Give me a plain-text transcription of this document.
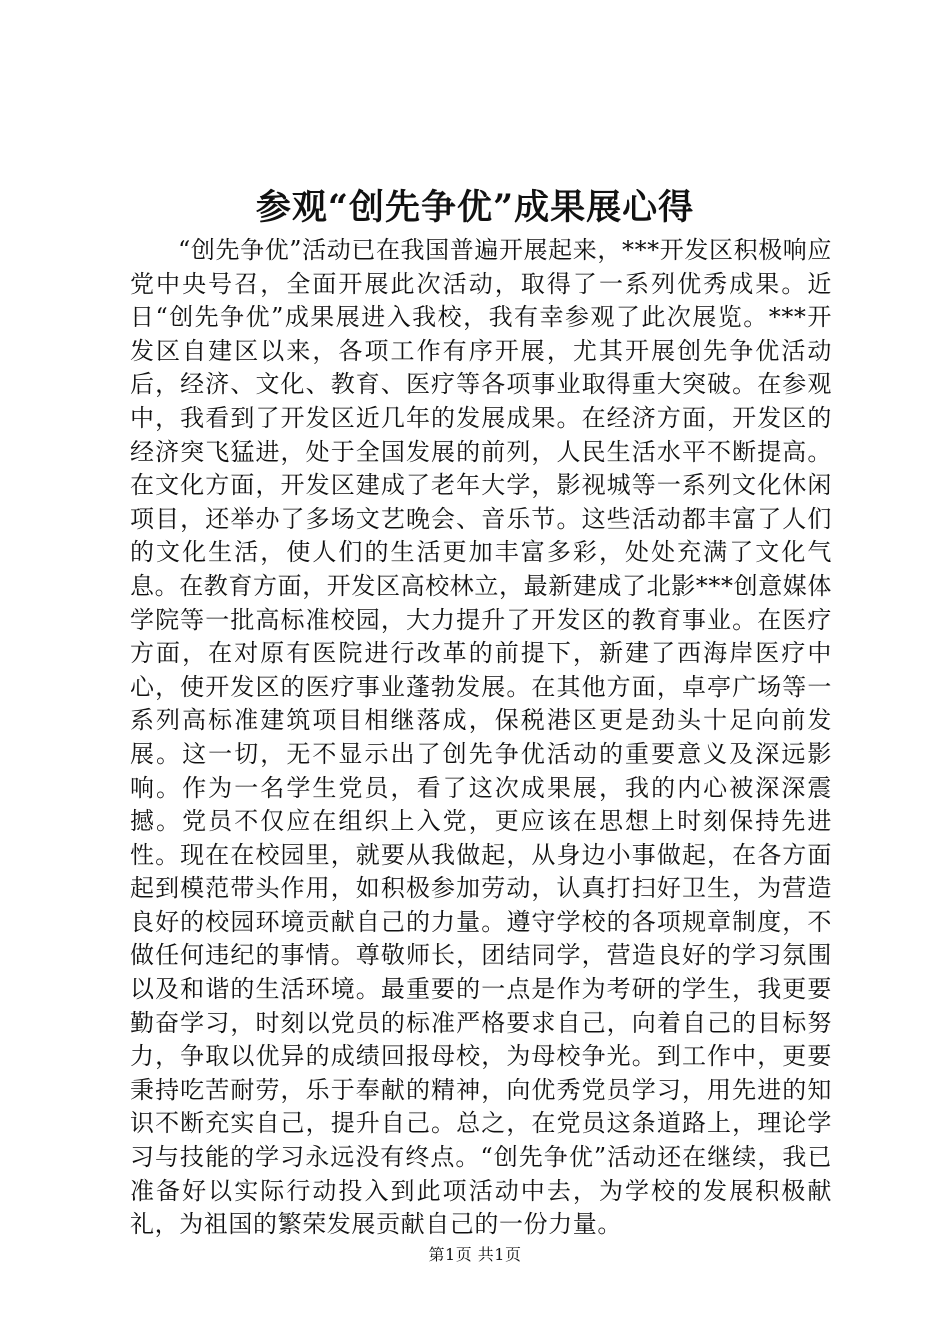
参观“创先争优”成果展心得

“创先争优”活动已在我国普遍开展起来，***开发区积极响应党中央号召，全面开展此次活动，取得了一系列优秀成果。近日“创先争优”成果展进入我校，我有幸参观了此次展览。***开发区自建区以来，各项工作有序开展，尤其开展创先争优活动后，经济、文化、教育、医疗等各项事业取得重大突破。在参观中，我看到了开发区近几年的发展成果。在经济方面，开发区的经济突飞猛进，处于全国发展的前列，人民生活水平不断提高。在文化方面，开发区建成了老年大学，影视城等一系列文化休闲项目，还举办了多场文艺晚会、音乐节。这些活动都丰富了人们的文化生活，使人们的生活更加丰富多彩，处处充满了文化气息。在教育方面，开发区高校林立，最新建成了北影***创意媒体学院等一批高标准校园，大力提升了开发区的教育事业。在医疗方面，在对原有医院进行改革的前提下，新建了西海岸医疗中心，使开发区的医疗事业蓬勃发展。在其他方面，卓亭广场等一系列高标准建筑项目相继落成，保税港区更是劲头十足向前发展。这一切，无不显示出了创先争优活动的重要意义及深远影响。作为一名学生党员，看了这次成果展，我的内心被深深震撼。党员不仅应在组织上入党，更应该在思想上时刻保持先进性。现在在校园里，就要从我做起，从身边小事做起，在各方面起到模范带头作用，如积极参加劳动，认真打扫好卫生，为营造良好的校园环境贡献自己的力量。遵守学校的各项规章制度，不做任何违纪的事情。尊敬师长，团结同学，营造良好的学习氛围以及和谐的生活环境。最重要的一点是作为考研的学生，我更要勤奋学习，时刻以党员的标准严格要求自己，向着自己的目标努力，争取以优异的成绩回报母校，为母校争光。到工作中，更要秉持吃苦耐劳，乐于奉献的精神，向优秀党员学习，用先进的知识不断充实自己，提升自己。总之，在党员这条道路上，理论学习与技能的学习永远没有终点。“创先争优”活动还在继续，我已准备好以实际行动投入到此项活动中去，为学校的发展积极献礼，为祖国的繁荣发展贡献自己的一份力量。

第1页 共1页
